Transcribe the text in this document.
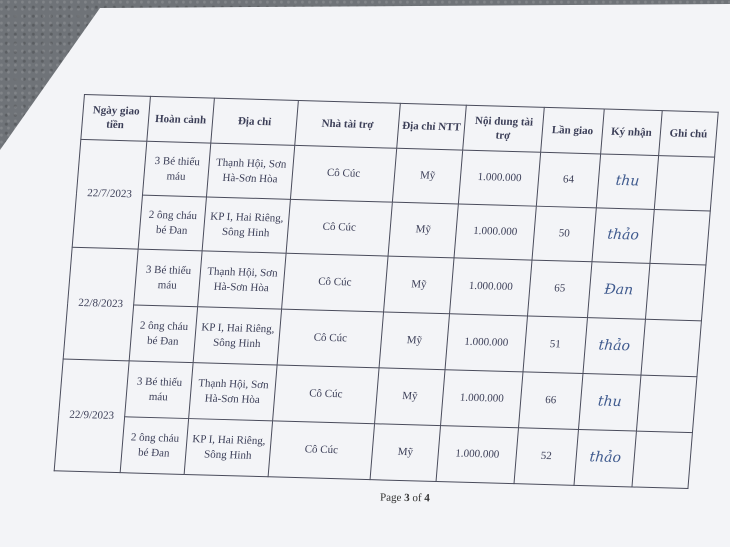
Ngày giao tiền	Hoàn cảnh	Địa chỉ	Nhà tài trợ	Địa chỉ NTT	Nội dung tài trợ	Lần giao	Ký nhận	Ghi chú
22/7/2023	3 Bé thiếu máu	Thạnh Hội, Sơn Hà-Sơn Hòa	Cô Cúc	Mỹ	1.000.000	64	thu	
	2 ông cháu bé Đan	KP I, Hai Riêng, Sông Hinh	Cô Cúc	Mỹ	1.000.000	50	thảo	
22/8/2023	3 Bé thiếu máu	Thạnh Hội, Sơn Hà-Sơn Hòa	Cô Cúc	Mỹ	1.000.000	65	Đan	
	2 ông cháu bé Đan	KP I, Hai Riêng, Sông Hinh	Cô Cúc	Mỹ	1.000.000	51	thảo	
22/9/2023	3 Bé thiếu máu	Thạnh Hội, Sơn Hà-Sơn Hòa	Cô Cúc	Mỹ	1.000.000	66	thu	
	2 ông cháu bé Đan	KP I, Hai Riêng, Sông Hinh	Cô Cúc	Mỹ	1.000.000	52	thảo	
Page 3 of 4
